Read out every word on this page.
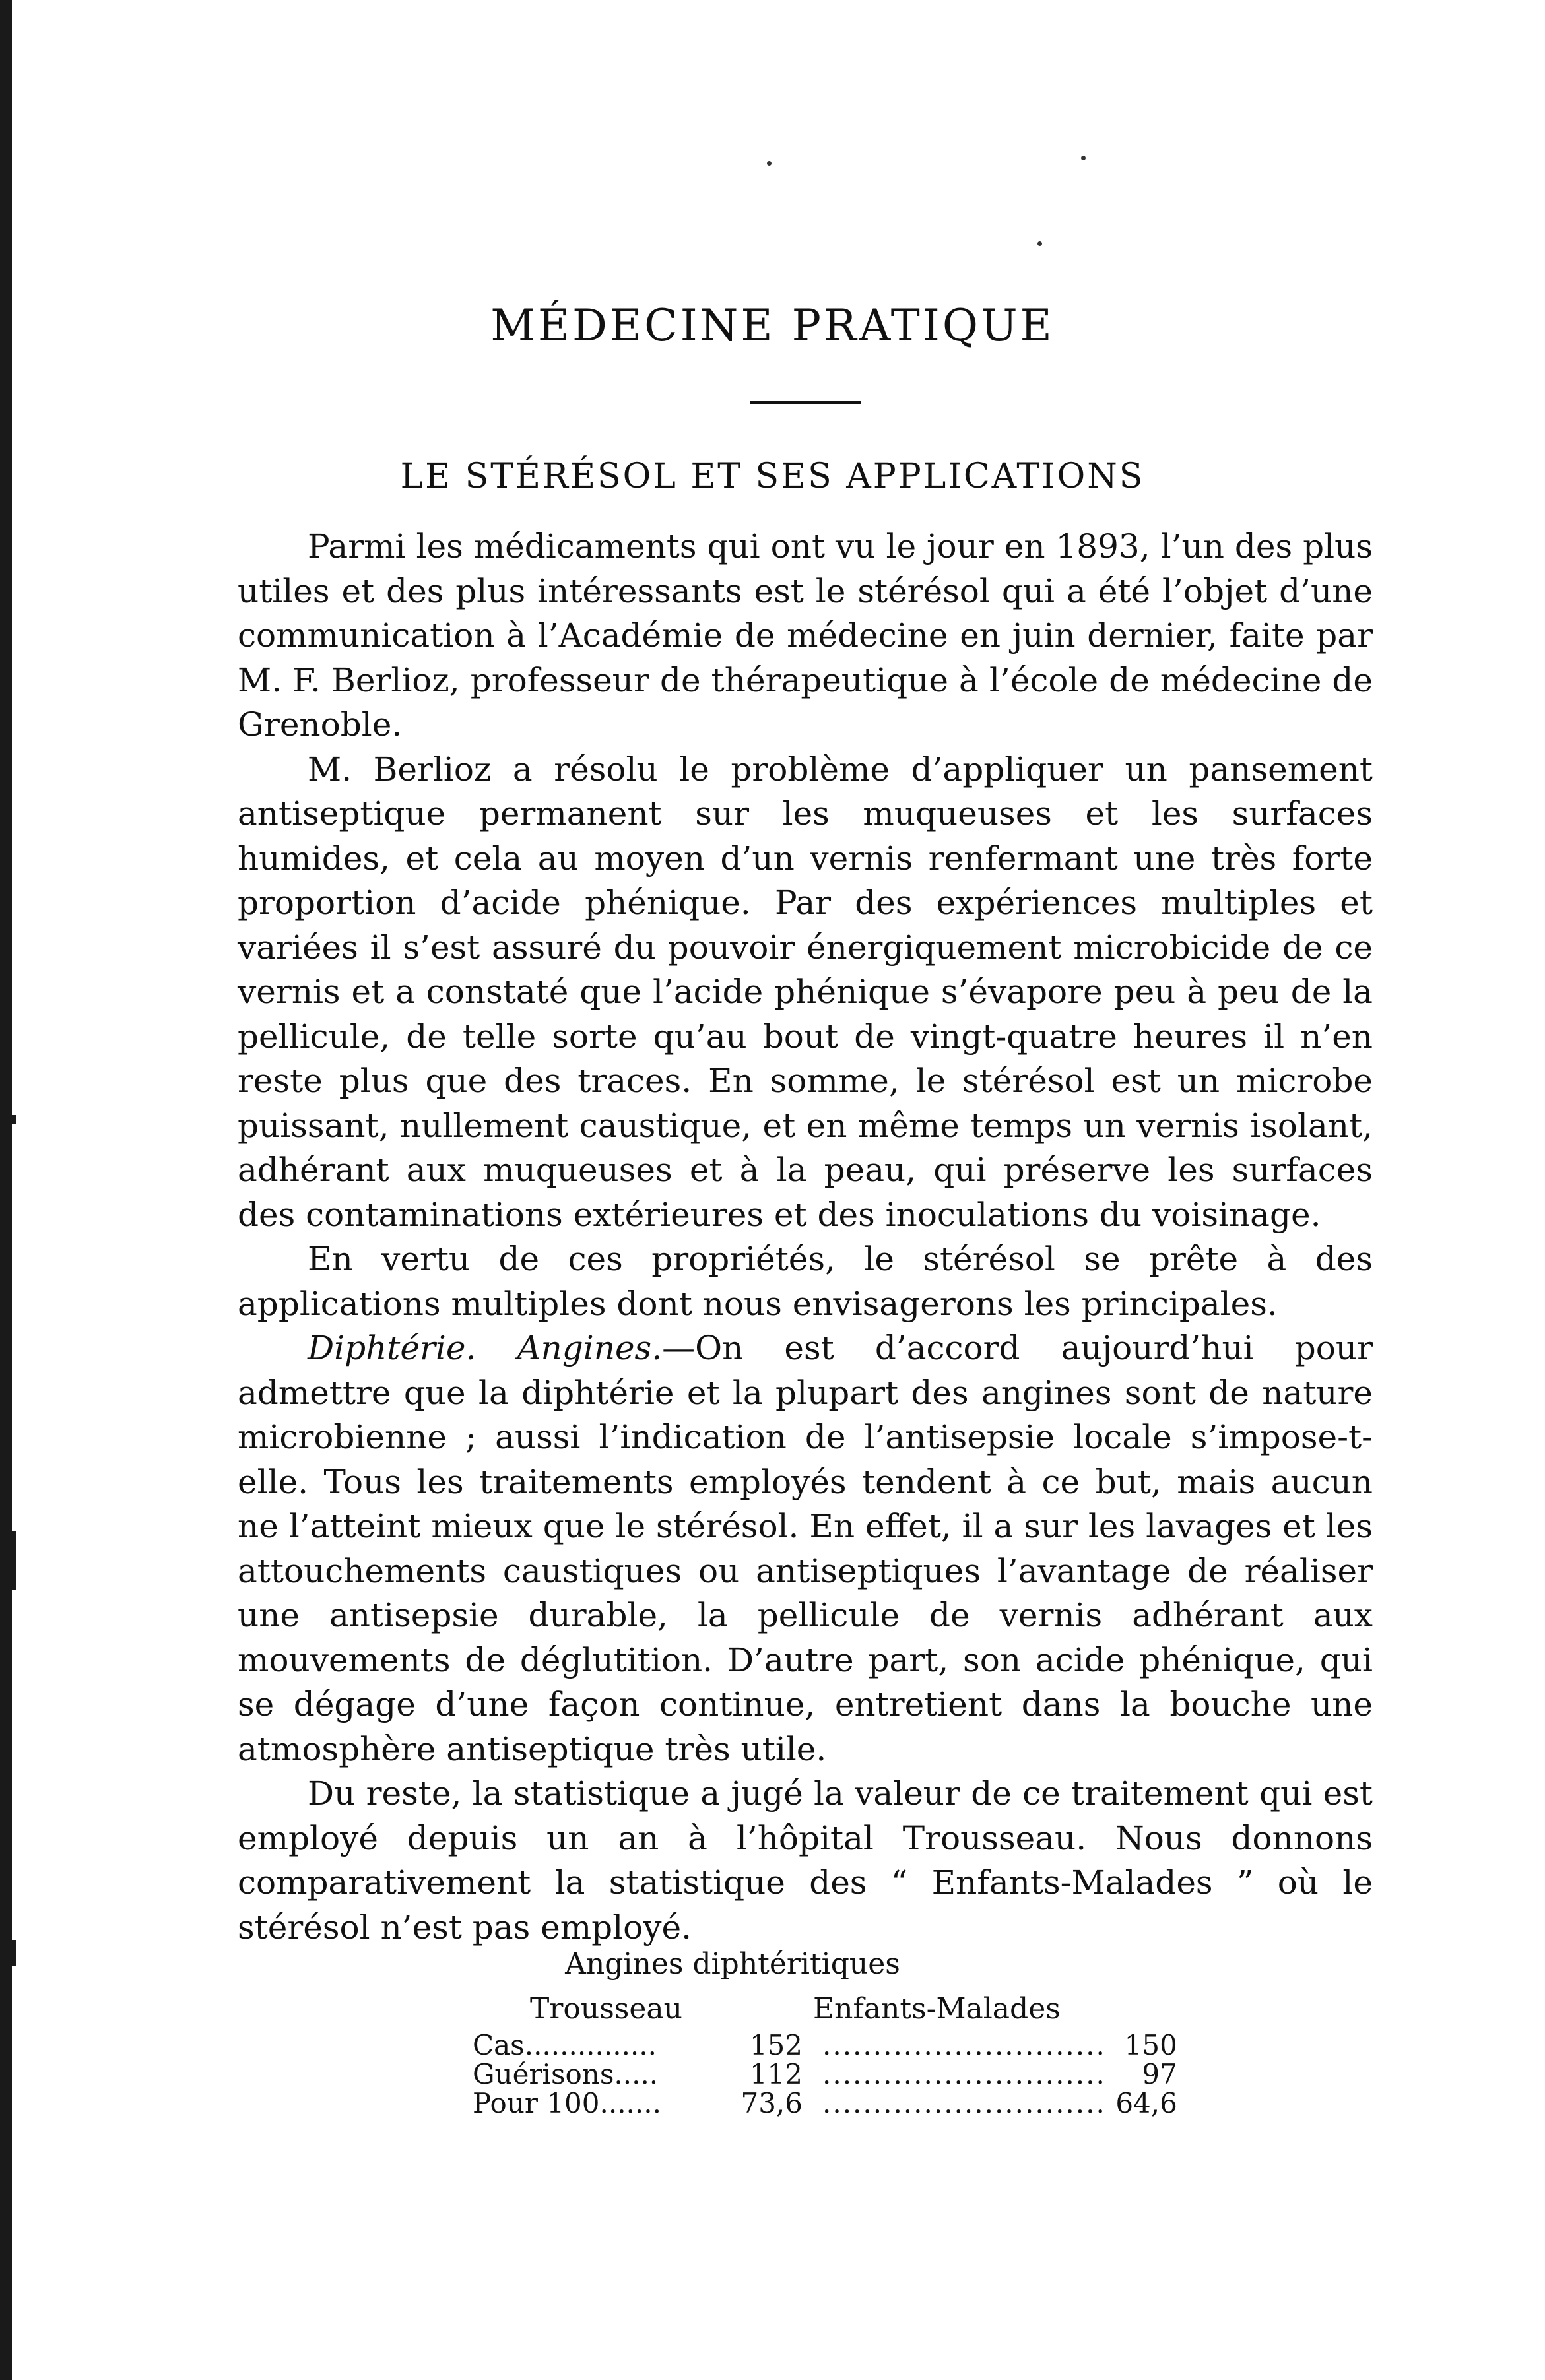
MÉDECINE PRATIQUE
LE STÉRÉSOL ET SES APPLICATIONS

Parmi les médicaments qui ont vu le jour en 1893, l’un des plus utiles et des plus intéressants est le stérésol qui a été l’objet d’une communication à l’Académie de médecine en juin dernier, faite par M. F. Berlioz, professeur de thérapeutique à l’école de médecine de Grenoble.

M. Berlioz a résolu le problème d’appliquer un pansement antiseptique permanent sur les muqueuses et les surfaces humides, et cela au moyen d’un vernis renfermant une très forte proportion d’acide phénique. Par des expériences multiples et variées il s’est assuré du pouvoir énergiquement microbicide de ce vernis et a constaté que l’acide phénique s’évapore peu à peu de la pellicule, de telle sorte qu’au bout de vingt-quatre heures il n’en reste plus que des traces. En somme, le stérésol est un microbe puissant, nullement caustique, et en même temps un vernis isolant, adhérant aux muqueuses et à la peau, qui préserve les surfaces des contaminations extérieures et des inoculations du voisinage.

En vertu de ces propriétés, le stérésol se prête à des applications multiples dont nous envisagerons les principales.

Diphtérie. Angines.—On est d’accord aujourd’hui pour admettre que la diphtérie et la plupart des angines sont de nature microbienne ; aussi l’indication de l’antisepsie locale s’impose-t-elle. Tous les traitements employés tendent à ce but, mais aucun ne l’atteint mieux que le stérésol. En effet, il a sur les lavages et les attouchements caustiques ou antiseptiques l’avantage de réaliser une antisepsie durable, la pellicule de vernis adhérant aux mouvements de déglutition. D’autre part, son acide phénique, qui se dégage d’une façon continue, entretient dans la bouche une atmosphère antiseptique très utile.

Du reste, la statistique a jugé la valeur de ce traitement qui est employé depuis un an à l’hôpital Trousseau. Nous donnons comparativement la statistique des “ Enfants-Malades ” où le stérésol n’est pas employé.

Angines diphtéritiques
Trousseau	Enfants-Malades
Cas...............	152	............................	150
Guérisons.....	112	............................	97
Pour 100.......	73,6	............................	64,6
